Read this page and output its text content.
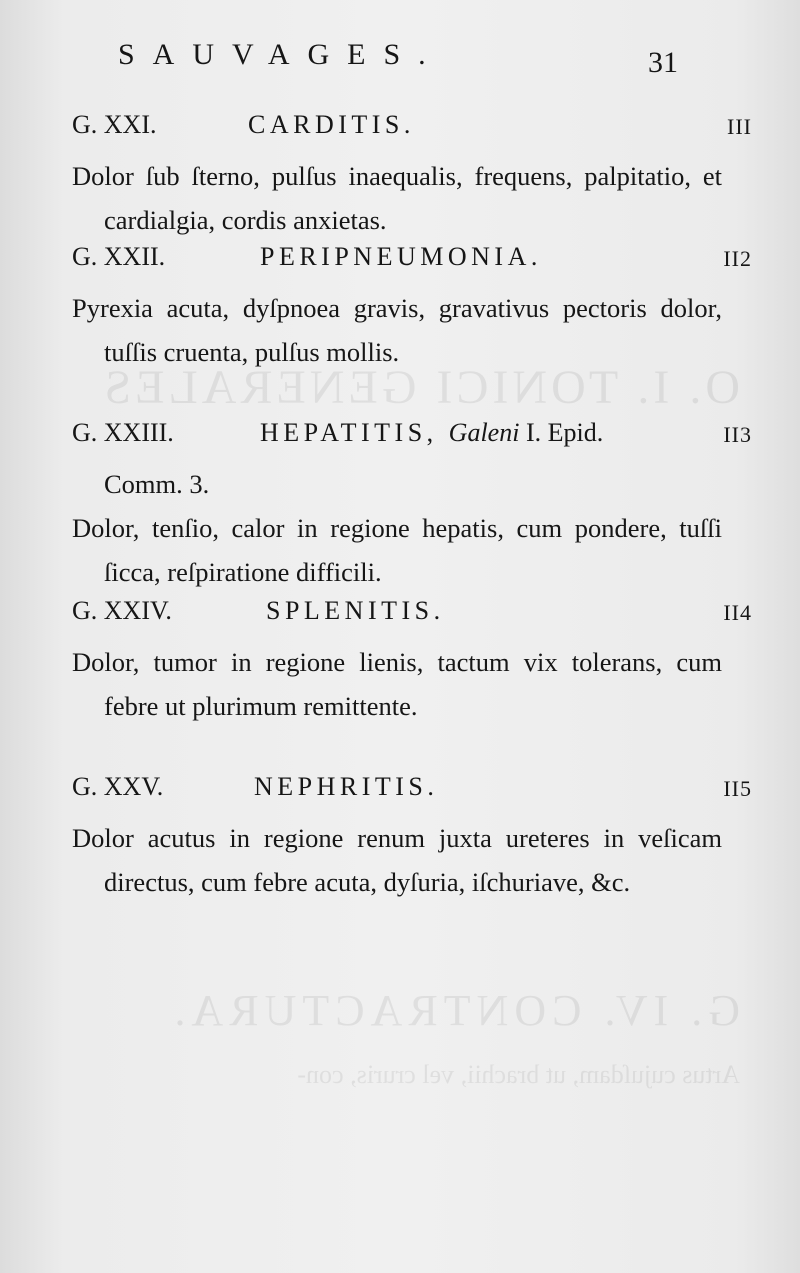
O. I. TONICI GENERALES
G. IV. CONTRACTURA.
Artus cujuſdam, ut brachii, vel cruris, con-
SAUVAGES.	31
G. XXI.	CARDITIS.	III

Dolor ſub ſterno, pulſus inaequalis, frequens, palpitatio, et cardialgia, cordis anxietas.

G. XXII.	PERIPNEUMONIA.	II2

Pyrexia acuta, dyſpnoea gravis, gravativus pectoris dolor, tuſſis cruenta, pulſus mollis.

G. XXIII.	HEPATITIS, Galeni I. Epid.	II3

Comm. 3.

Dolor, tenſio, calor in regione hepatis, cum pondere, tuſſi ſicca, reſpiratione difficili.

G. XXIV.	SPLENITIS.	II4

Dolor, tumor in regione lienis, tactum vix tolerans, cum febre ut plurimum remittente.

G. XXV.	NEPHRITIS.	II5

Dolor acutus in regione renum juxta ureteres in veſicam directus, cum febre acuta, dyſuria, iſchuriave, &c.
